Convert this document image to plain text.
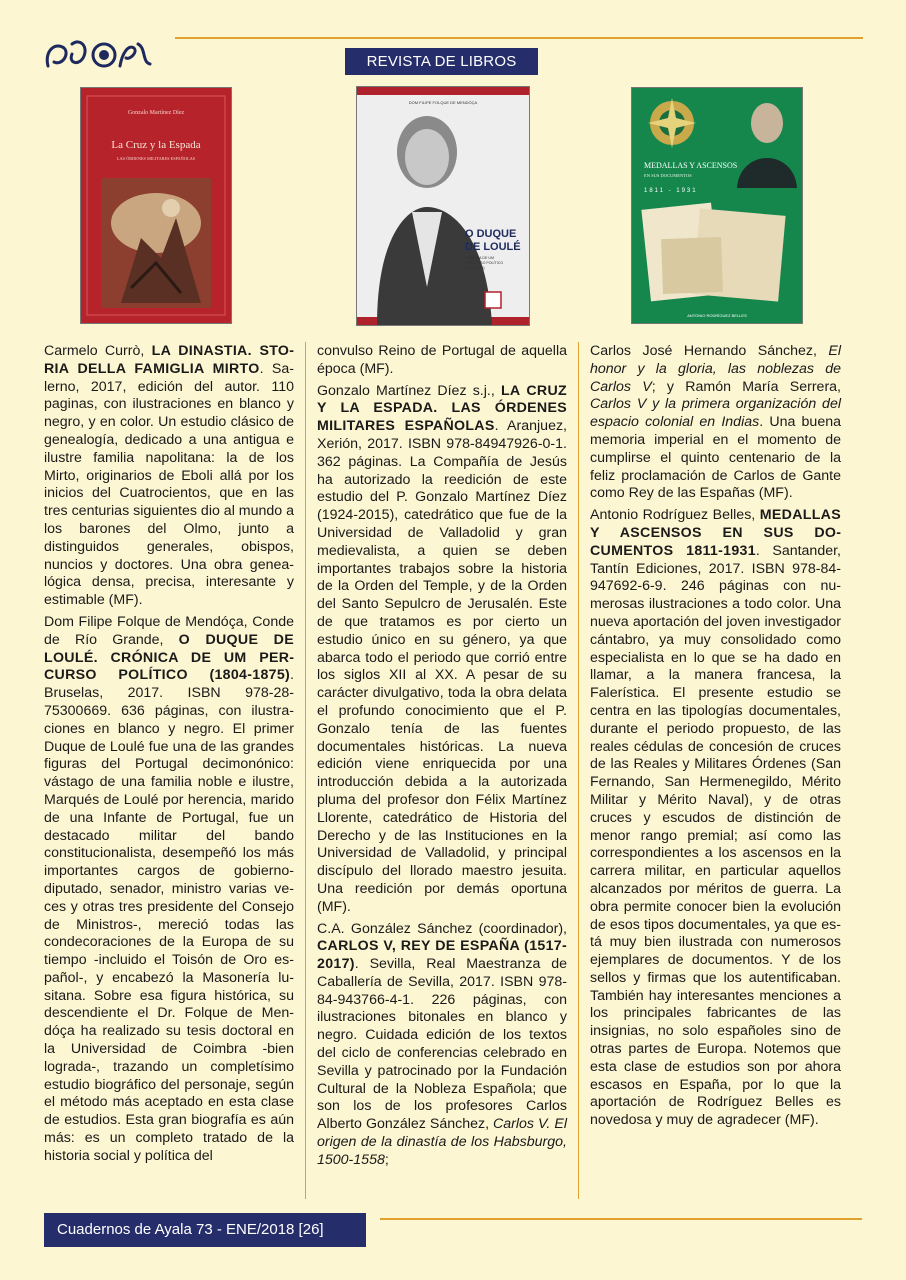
REVISTA DE LIBROS
Gonzalo Martínez Díez
La Cruz y la Espada
LAS ÓRDENES MILITARES ESPAÑOLAS
DOM FILIPE FOLQUE DE MENDÓÇA
O DUQUE
DE LOULÉ
CRÓNICA DE UM
PERCURSO POLÍTICO
(1804-1875)
MEDALLAS Y ASCENSOS
EN SUS DOCUMENTOS
1811 - 1931
ANTONIO RODRÍGUEZ BELLES

Carmelo Currò, LA DINASTIA. STORIA DELLA FAMIGLIA MIRTO. Salerno, 2017, edición del autor. 110 paginas, con ilustraciones en blanco y negro, y en color. Un estudio clásico de genealogía, dedicado a una antigua e ilustre familia napolitana: la de los Mirto, originarios de Eboli allá por los inicios del Cuatrocientos, que en las tres centurias siguientes dio al mundo a los barones del Olmo, junto a distinguidos generales, obispos, nuncios y doctores. Una obra genealógica densa, precisa, interesante y estimable (MF).

Dom Filipe Folque de Mendóça, Conde de Río Grande, O DUQUE DE LOULÉ. CRÓNICA DE UM PERCURSO POLÍTICO (1804-1875). Bruselas, 2017. ISBN 978-28-75300669. 636 páginas, con ilustraciones en blanco y negro. El primer Duque de Loulé fue una de las grandes figuras del Portugal decimonónico: vástago de una familia noble e ilustre, Marqués de Loulé por herencia, marido de una Infante de Portugal, fue un destacado militar del bando constitucionalista, desempeñó los más importantes cargos de gobierno-diputado, senador, ministro varias veces y otras tres presidente del Consejo de Ministros-, mereció todas las condecoraciones de la Europa de su tiempo -incluido el Toisón de Oro español-, y encabezó la Masonería lusitana. Sobre esa figura histórica, su descendiente el Dr. Folque de Mendóça ha realizado su tesis doctoral en la Universidad de Coimbra -bien lograda-, trazando un completísimo estudio biográfico del personaje, según el método más aceptado en esta clase de estudios. Esta gran biografía es aún más: es un completo tratado de la historia social y política del

convulso Reino de Portugal de aquella época (MF).

Gonzalo Martínez Díez s.j., LA CRUZ Y LA ESPADA. LAS ÓRDENES MILITARES ESPAÑOLAS. Aranjuez, Xerión, 2017. ISBN 978-84947926-0-1. 362 páginas. La Compañía de Jesús ha autorizado la reedición de este estudio del P. Gonzalo Martínez Díez (1924-2015), catedrático que fue de la Universidad de Valladolid y gran medievalista, a quien se deben importantes trabajos sobre la historia de la Orden del Temple, y de la Orden del Santo Sepulcro de Jerusalén. Este de que tratamos es por cierto un estudio único en su género, ya que abarca todo el periodo que corrió entre los siglos XII al XX. A pesar de su carácter divulgativo, toda la obra delata el profundo conocimiento que el P. Gonzalo tenía de las fuentes documentales históricas. La nueva edición viene enriquecida por una introducción debida a la autorizada pluma del profesor don Félix Martínez Llorente, catedrático de Historia del Derecho y de las Instituciones en la Universidad de Valladolid, y principal discípulo del llorado maestro jesuita. Una reedición por demás oportuna (MF).

C.A. González Sánchez (coordinador), CARLOS V, REY DE ESPAÑA (1517-2017). Sevilla, Real Maestranza de Caballería de Sevilla, 2017. ISBN 978-84-943766-4-1. 226 páginas, con ilustraciones bitonales en blanco y negro. Cuidada edición de los textos del ciclo de conferencias celebrado en Sevilla y patrocinado por la Fundación Cultural de la Nobleza Española; que son los de los profesores Carlos Alberto González Sánchez, Carlos V. El origen de la dinastía de los Habsburgo, 1500-1558;

Carlos José Hernando Sánchez, El honor y la gloria, las noblezas de Carlos V; y Ramón María Serrera, Carlos V y la primera organización del espacio colonial en Indias. Una buena memoria imperial en el momento de cumplirse el quinto centenario de la feliz proclamación de Carlos de Gante como Rey de las Españas (MF).

Antonio Rodríguez Belles, MEDALLAS Y ASCENSOS EN SUS DOCUMENTOS 1811-1931. Santander, Tantín Ediciones, 2017. ISBN 978-84-947692-6-9. 246 páginas con numerosas ilustraciones a todo color. Una nueva aportación del joven investigador cántabro, ya muy consolidado como especialista en lo que se ha dado en llamar, a la manera francesa, la Falerística. El presente estudio se centra en las tipologías documentales, durante el periodo propuesto, de las reales cédulas de concesión de cruces de las Reales y Militares Órdenes (San Fernando, San Hermenegildo, Mérito Militar y Mérito Naval), y de otras cruces y escudos de distinción de menor rango premial; así como las correspondientes a los ascensos en la carrera militar, en particular aquellos alcanzados por méritos de guerra. La obra permite conocer bien la evolución de esos tipos documentales, ya que está muy bien ilustrada con numerosos ejemplares de documentos. Y de los sellos y firmas que los autentificaban. También hay interesantes menciones a los principales fabricantes de las insignias, no solo españoles sino de otras partes de Europa. Notemos que esta clase de estudios son por ahora escasos en España, por lo que la aportación de Rodríguez Belles es novedosa y muy de agradecer (MF).

Cuadernos de Ayala 73 - ENE/2018 [26]
